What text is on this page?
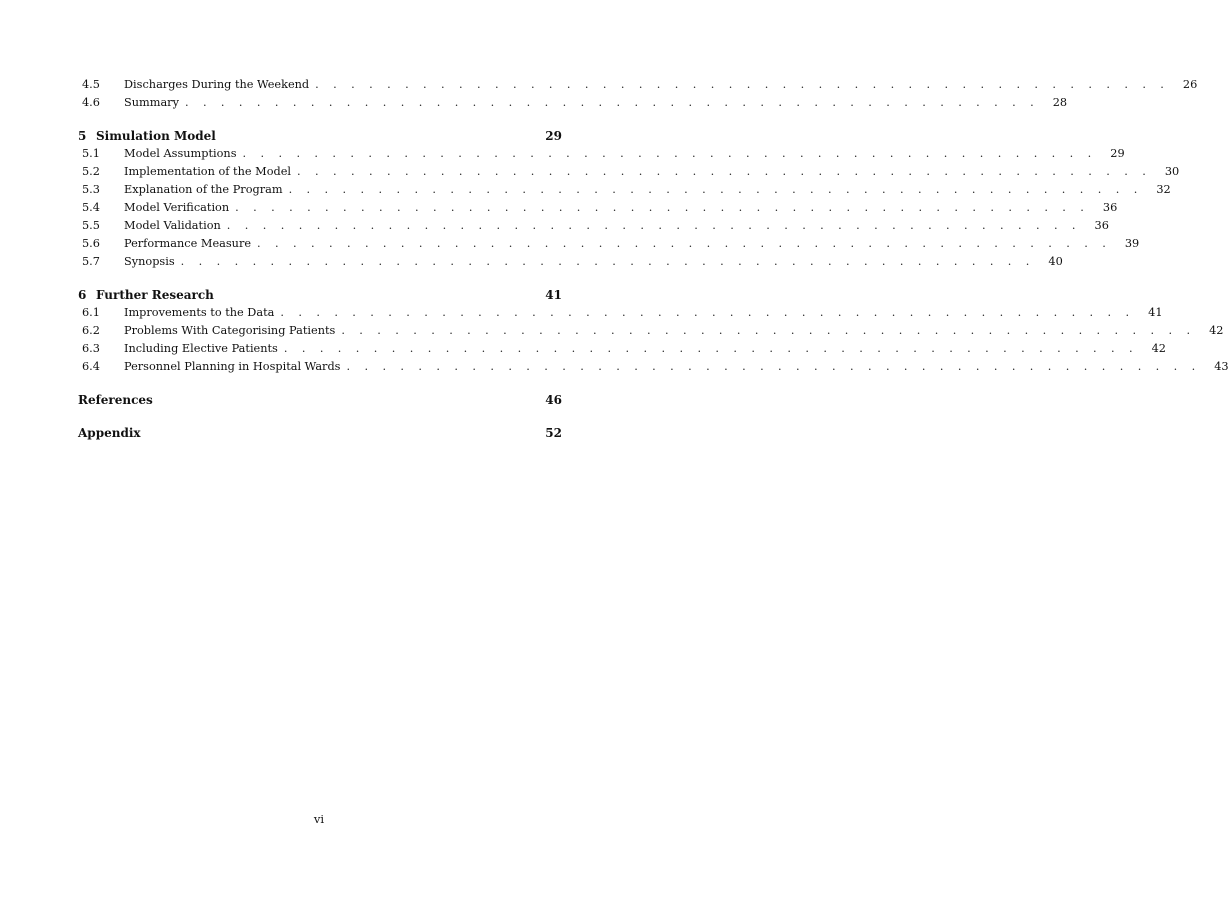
4.5	Discharges During the Weekend . . . . . . . . . . . . . . . . . . . . . . . . . . . . . . . . . . . . . . . . . . . . . . . .	26
4.6	Summary . . . . . . . . . . . . . . . . . . . . . . . . . . . . . . . . . . . . . . . . . . . . . . . .	28
5 Simulation Model	29
5.1	Model Assumptions . . . . . . . . . . . . . . . . . . . . . . . . . . . . . . . . . . . . . . . . . . . . . . . .	29
5.2	Implementation of the Model . . . . . . . . . . . . . . . . . . . . . . . . . . . . . . . . . . . . . . . . . . . . . . . .	30
5.3	Explanation of the Program . . . . . . . . . . . . . . . . . . . . . . . . . . . . . . . . . . . . . . . . . . . . . . . .	32
5.4	Model Verification . . . . . . . . . . . . . . . . . . . . . . . . . . . . . . . . . . . . . . . . . . . . . . . .	36
5.5	Model Validation . . . . . . . . . . . . . . . . . . . . . . . . . . . . . . . . . . . . . . . . . . . . . . . .	36
5.6	Performance Measure . . . . . . . . . . . . . . . . . . . . . . . . . . . . . . . . . . . . . . . . . . . . . . . .	39
5.7	Synopsis . . . . . . . . . . . . . . . . . . . . . . . . . . . . . . . . . . . . . . . . . . . . . . . .	40
6 Further Research	41
6.1	Improvements to the Data . . . . . . . . . . . . . . . . . . . . . . . . . . . . . . . . . . . . . . . . . . . . . . . .	41
6.2	Problems With Categorising Patients . . . . . . . . . . . . . . . . . . . . . . . . . . . . . . . . . . . . . . . . . . . . . . . .	42
6.3	Including Elective Patients . . . . . . . . . . . . . . . . . . . . . . . . . . . . . . . . . . . . . . . . . . . . . . . .	42
6.4	Personnel Planning in Hospital Wards . . . . . . . . . . . . . . . . . . . . . . . . . . . . . . . . . . . . . . . . . . . . . . . .	43
References	46
Appendix	52
vi
